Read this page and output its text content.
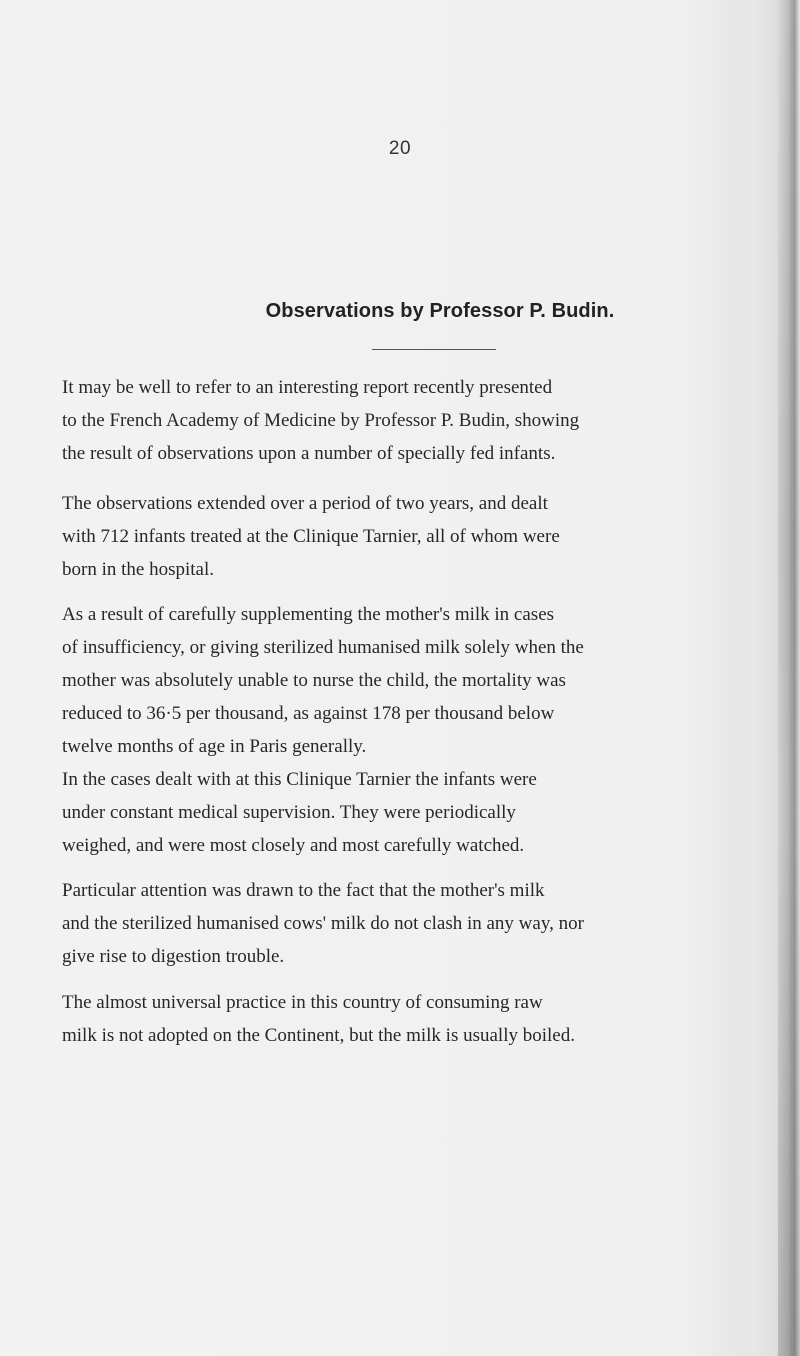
20
Observations by Professor P. Budin.
It may be well to refer to an interesting report recently presented
to the French Academy of Medicine by Professor P. Budin, showing
the result of observations upon a number of specially fed infants.
The observations extended over a period of two years, and dealt
with 712 infants treated at the Clinique Tarnier, all of whom were
born in the hospital.
As a result of carefully supplementing the mother's milk in cases
of insufficiency, or giving sterilized humanised milk solely when the
mother was absolutely unable to nurse the child, the mortality was
reduced to 36·5 per thousand, as against 178 per thousand below
twelve months of age in Paris generally.
In the cases dealt with at this Clinique Tarnier the infants were
under constant medical supervision. They were periodically
weighed, and were most closely and most carefully watched.
Particular attention was drawn to the fact that the mother's milk
and the sterilized humanised cows' milk do not clash in any way, nor
give rise to digestion trouble.
The almost universal practice in this country of consuming raw
milk is not adopted on the Continent, but the milk is usually boiled.
